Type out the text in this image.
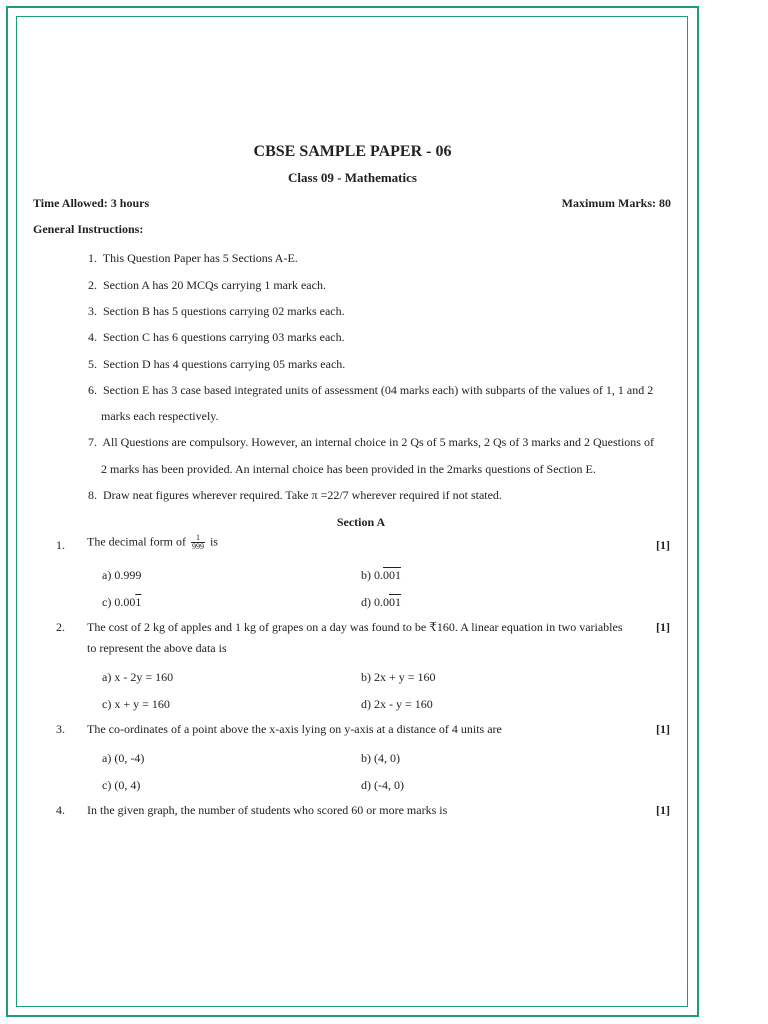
CBSE SAMPLE PAPER - 06
Class 09 - Mathematics
Time Allowed: 3 hours	Maximum Marks: 80
General Instructions:
1. This Question Paper has 5 Sections A-E.
2. Section A has 20 MCQs carrying 1 mark each.
3. Section B has 5 questions carrying 02 marks each.
4. Section C has 6 questions carrying 03 marks each.
5. Section D has 4 questions carrying 05 marks each.
6. Section E has 3 case based integrated units of assessment (04 marks each) with subparts of the values of 1, 1 and 2
marks each respectively.
7. All Questions are compulsory. However, an internal choice in 2 Qs of 5 marks, 2 Qs of 3 marks and 2 Questions of
2 marks has been provided. An internal choice has been provided in the 2marks questions of Section E.
8. Draw neat figures wherever required. Take π =22/7 wherever required if not stated.
Section A
1. The decimal form of $\frac{1}{999}$ is	[1]
a) 0.999	b) 0.001
c) 0.001	d) 0.001
2. The cost of 2 kg of apples and 1 kg of grapes on a day was found to be ₹160. A linear equation in two variables
to represent the above data is
[1]
a) x - 2y = 160	b) 2x + y = 160
c) x + y = 160	d) 2x - y = 160
3. The co-ordinates of a point above the x-axis lying on y-axis at a distance of 4 units are	[1]
a) (0, -4)	b) (4, 0)
c) (0, 4)	d) (-4, 0)
4. In the given graph, the number of students who scored 60 or more marks is	[1]
